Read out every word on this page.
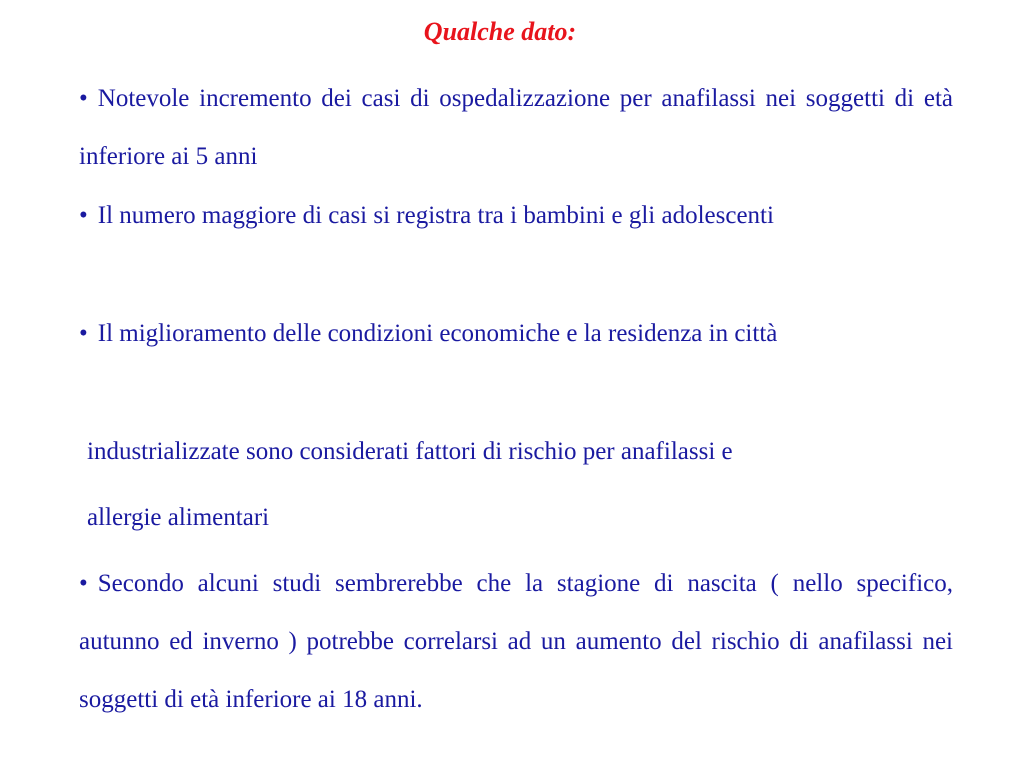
Qualche dato:
• Notevole incremento dei casi di ospedalizzazione per anafilassi nei soggetti di età inferiore ai 5 anni
• Il numero maggiore di casi si registra tra i bambini e gli adolescenti
• Il miglioramento delle condizioni economiche e la residenza in città
industrializzate sono considerati fattori di rischio per anafilassi e
allergie alimentari
• Secondo alcuni studi sembrerebbe che la stagione di nascita ( nello specifico, autunno ed inverno ) potrebbe correlarsi ad un aumento del rischio di anafilassi nei soggetti di età inferiore ai 18 anni.
